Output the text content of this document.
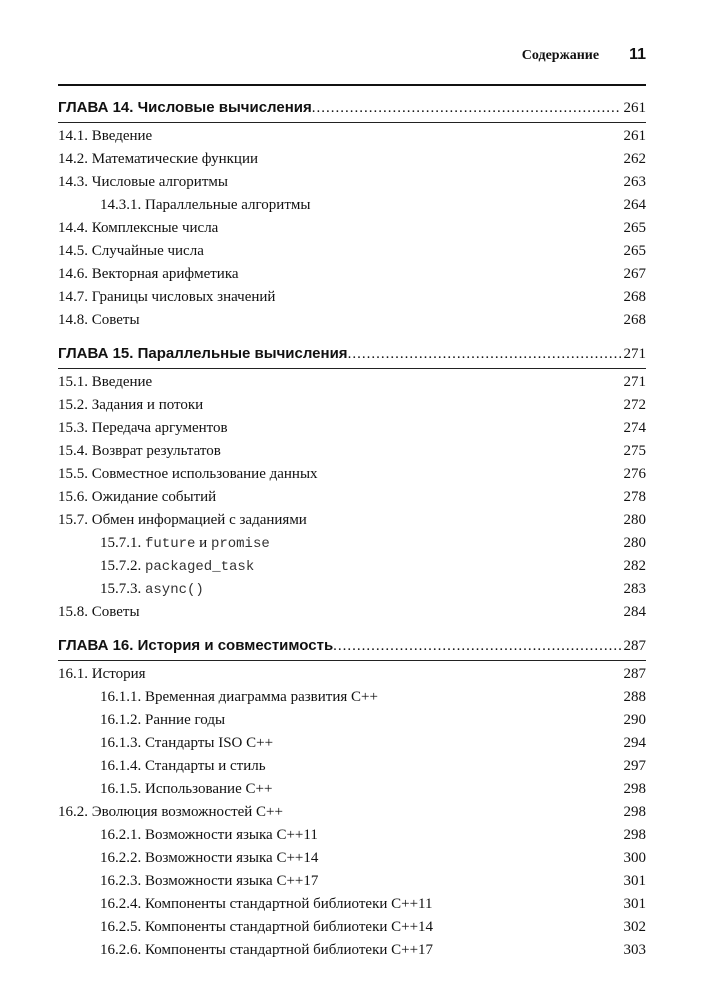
Содержание 11
ГЛАВА 14. Числовые вычисления .....	261
14.1. Введение	261
14.2. Математические функции	262
14.3. Числовые алгоритмы	263
14.3.1. Параллельные алгоритмы	264
14.4. Комплексные числа	265
14.5. Случайные числа	265
14.6. Векторная арифметика	267
14.7. Границы числовых значений	268
14.8. Советы	268
ГЛАВА 15. Параллельные вычисления .....	271
15.1. Введение	271
15.2. Задания и потоки	272
15.3. Передача аргументов	274
15.4. Возврат результатов	275
15.5. Совместное использование данных	276
15.6. Ожидание событий	278
15.7. Обмен информацией с заданиями	280
15.7.1. future и promise	280
15.7.2. packaged_task	282
15.7.3. async()	283
15.8. Советы	284
ГЛАВА 16. История и совместимость .....	287
16.1. История	287
16.1.1. Временная диаграмма развития С++	288
16.1.2. Ранние годы	290
16.1.3. Стандарты ISO С++	294
16.1.4. Стандарты и стиль	297
16.1.5. Использование С++	298
16.2. Эволюция возможностей С++	298
16.2.1. Возможности языка С++11	298
16.2.2. Возможности языка С++14	300
16.2.3. Возможности языка С++17	301
16.2.4. Компоненты стандартной библиотеки С++11	301
16.2.5. Компоненты стандартной библиотеки С++14	302
16.2.6. Компоненты стандартной библиотеки С++17	303
